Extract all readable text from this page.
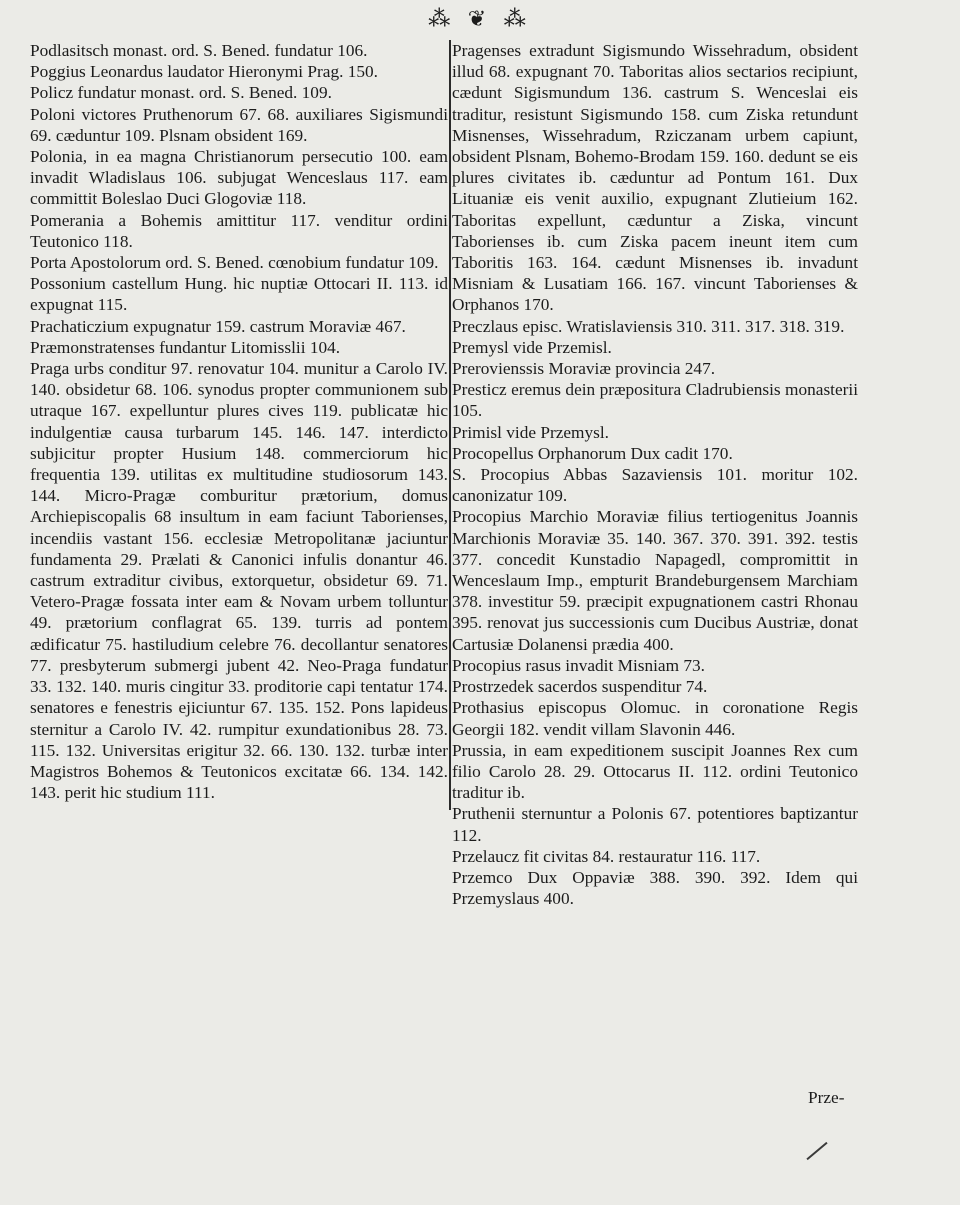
⁂ ❦ ⁂

Podlasitsch monast. ord. S. Bened. fundatur 106.

Poggius Leonardus laudator Hieronymi Prag. 150.

Policz fundatur monast. ord. S. Bened. 109.

Poloni victores Pruthenorum 67. 68. auxiliares Sigismundi 69. cæduntur 109. Plsnam obsident 169.

Polonia, in ea magna Christianorum persecutio 100. eam invadit Wladislaus 106. subjugat Wenceslaus 117. eam committit Boleslao Duci Glogoviæ 118.

Pomerania a Bohemis amittitur 117. venditur ordini Teutonico 118.

Porta Apostolorum ord. S. Bened. cœnobium fundatur 109.

Possonium castellum Hung. hic nuptiæ Ottocari II. 113. id expugnat 115.

Prachaticzium expugnatur 159. castrum Moraviæ 467.

Præmonstratenses fundantur Litomisslii 104.

Praga urbs conditur 97. renovatur 104. munitur a Carolo IV. 140. obsidetur 68. 106. synodus propter communionem sub utraque 167. expelluntur plures cives 119. publicatæ hic indulgentiæ causa turbarum 145. 146. 147. interdicto subjicitur propter Husium 148. commerciorum hic frequentia 139. utilitas ex multitudine studiosorum 143. 144. Micro-Pragæ comburitur prætorium, domus Archiepiscopalis 68 insultum in eam faciunt Taborienses, incendiis vastant 156. ecclesiæ Metropolitanæ jaciuntur fundamenta 29. Prælati & Canonici infulis donantur 46. castrum extraditur civibus, extorquetur, obsidetur 69. 71. Vetero-Pragæ fossata inter eam & Novam urbem tolluntur 49. prætorium conflagrat 65. 139. turris ad pontem ædificatur 75. hastiludium celebre 76. decollantur senatores 77. presbyterum submergi jubent 42. Neo-Praga fundatur 33. 132. 140. muris cingitur 33. proditorie capi tentatur 174. senatores e fenestris ejiciuntur 67. 135. 152. Pons lapideus sternitur a Carolo IV. 42. rumpitur exundationibus 28. 73. 115. 132. Universitas erigitur 32. 66. 130. 132. turbæ inter Magistros Bohemos & Teutonicos excitatæ 66. 134. 142. 143. perit hic studium 111.

Pragenses extradunt Sigismundo Wissehradum, obsident illud 68. expugnant 70. Taboritas alios sectarios recipiunt, cædunt Sigismundum 136. castrum S. Wenceslai eis traditur, resistunt Sigismundo 158. cum Ziska retundunt Misnenses, Wissehradum, Rziczanam urbem capiunt, obsident Plsnam, Bohemo-Brodam 159. 160. dedunt se eis plures civitates ib. cæduntur ad Pontum 161. Dux Lituaniæ eis venit auxilio, expugnant Zlutieium 162. Taboritas expellunt, cæduntur a Ziska, vincunt Taborienses ib. cum Ziska pacem ineunt item cum Taboritis 163. 164. cædunt Misnenses ib. invadunt Misniam & Lusatiam 166. 167. vincunt Taborienses & Orphanos 170.

Preczlaus episc. Wratislaviensis 310. 311. 317. 318. 319.

Premysl vide Przemisl.

Prerovienssis Moraviæ provincia 247.

Presticz eremus dein præpositura Cladrubiensis monasterii 105.

Primisl vide Przemysl.

Procopellus Orphanorum Dux cadit 170.

S. Procopius Abbas Sazaviensis 101. moritur 102. canonizatur 109.

Procopius Marchio Moraviæ filius tertiogenitus Joannis Marchionis Moraviæ 35. 140. 367. 370. 391. 392. testis 377. concedit Kunstadio Napagedl, compromittit in Wenceslaum Imp., empturit Brandeburgensem Marchiam 378. investitur 59. præcipit expugnationem castri Rhonau 395. renovat jus successionis cum Ducibus Austriæ, donat Cartusiæ Dolanensi prædia 400.

Procopius rasus invadit Misniam 73.

Prostrzedek sacerdos suspenditur 74.

Prothasius episcopus Olomuc. in coronatione Regis Georgii 182. vendit villam Slavonin 446.

Prussia, in eam expeditionem suscipit Joannes Rex cum filio Carolo 28. 29. Ottocarus II. 112. ordini Teutonico traditur ib.

Pruthenii sternuntur a Polonis 67. potentiores baptizantur 112.

Przelaucz fit civitas 84. restauratur 116. 117.

Przemco Dux Oppaviæ 388. 390. 392. Idem qui Przemyslaus 400.

Prze-
